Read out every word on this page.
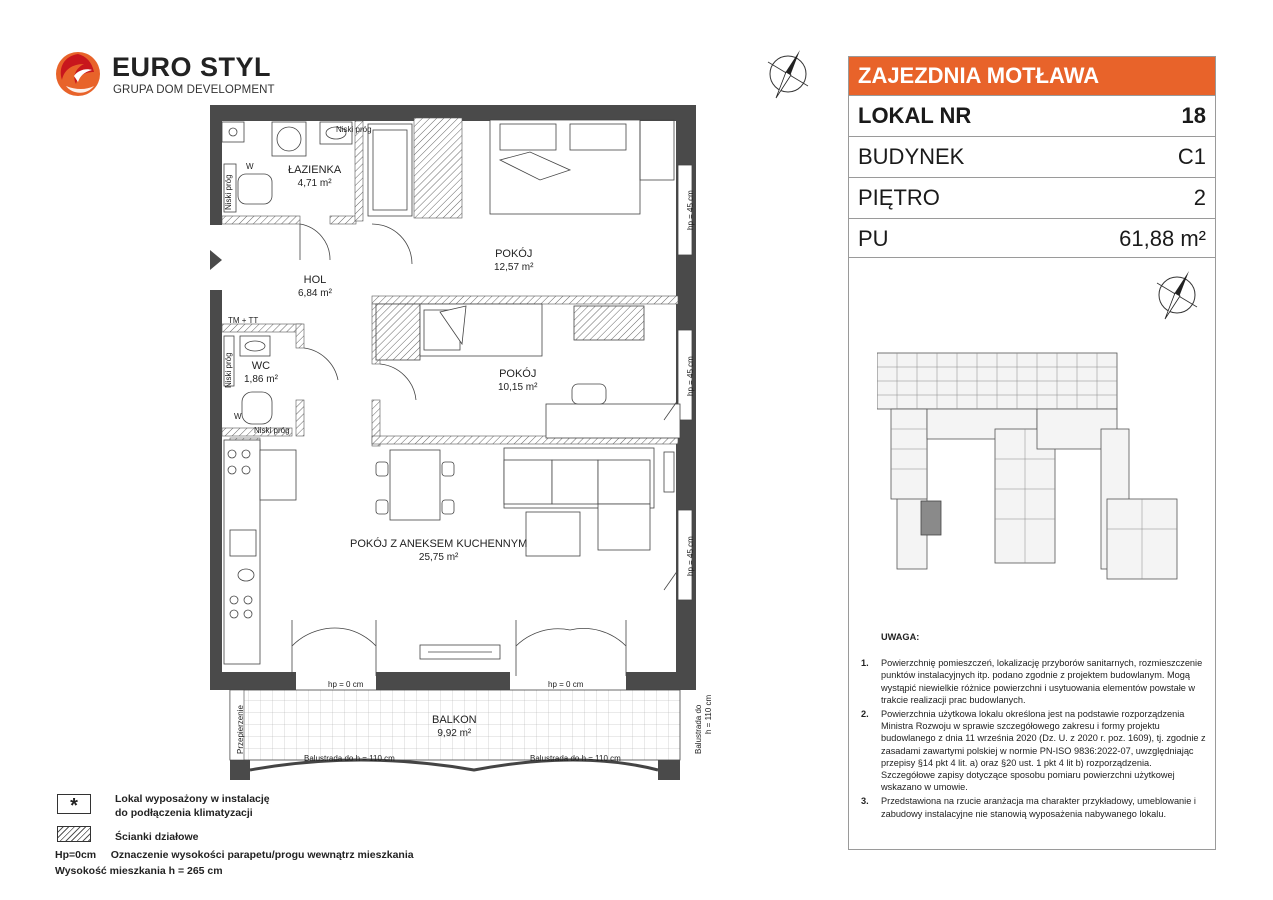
EURO STYL
GRUPA DOM DEVELOPMENT
ZAJEZDNIA MOTŁAWA
LOKAL NR	18
BUDYNEK	C1
PIĘTRO	2
PU	61,88 m²
UWAGA:
1. Powierzchnię pomieszczeń, lokalizację przyborów sanitarnych, rozmieszczenie punktów instalacyjnych itp. podano zgodnie z projektem budowlanym. Mogą wystąpić niewielkie różnice powierzchni i usytuowania elementów powstałe w trakcie realizacji prac budowlanych.
2. Powierzchnia użytkowa lokalu określona jest na podstawie rozporządzenia Ministra Rozwoju w sprawie szczegółowego zakresu i formy projektu budowlanego z dnia 11 września 2020 (Dz. U. z 2020 r. poz. 1609), tj. zgodnie z zasadami zawartymi polskiej w normie PN-ISO 9836:2022-07, uwzględniając przepisy §14 pkt 4 lit. a) oraz §20 ust. 1 pkt 4 lit b) rozporządzenia. Szczegółowe zapisy dotyczące sposobu pomiaru powierzchni użytkowej wskazano w umowie.
3. Przedstawiona na rzucie aranżacja ma charakter przykładowy, umeblowanie i zabudowy instalacyjne nie stanowią wyposażenia nabywanego lokalu.
ŁAZIENKA
4,71 m²
HOL
6,84 m²
POKÓJ
12,57 m²
WC
1,86 m²	POKÓJ
10,15 m²
POKÓJ Z ANEKSEM KUCHENNYM
25,75 m²
BALKON
9,92 m²
Niski próg
Niski próg
W
TM + TT
Niski próg
W
Niski próg
hp = 45 cm
hp = 45 cm
hp = 45 cm
hp = 0 cm	hp = 0 cm
Balustrada do h = 110 cm	Balustrada do h = 110 cm
Balustrada do h = 110 cm
Przepierzenie
*	Lokal wyposażony w instalację
do podłączenia klimatyzacji
Ścianki działowe
Hp=0cm     Oznaczenie wysokości parapetu/progu wewnątrz mieszkania
Wysokość mieszkania h = 265 cm
